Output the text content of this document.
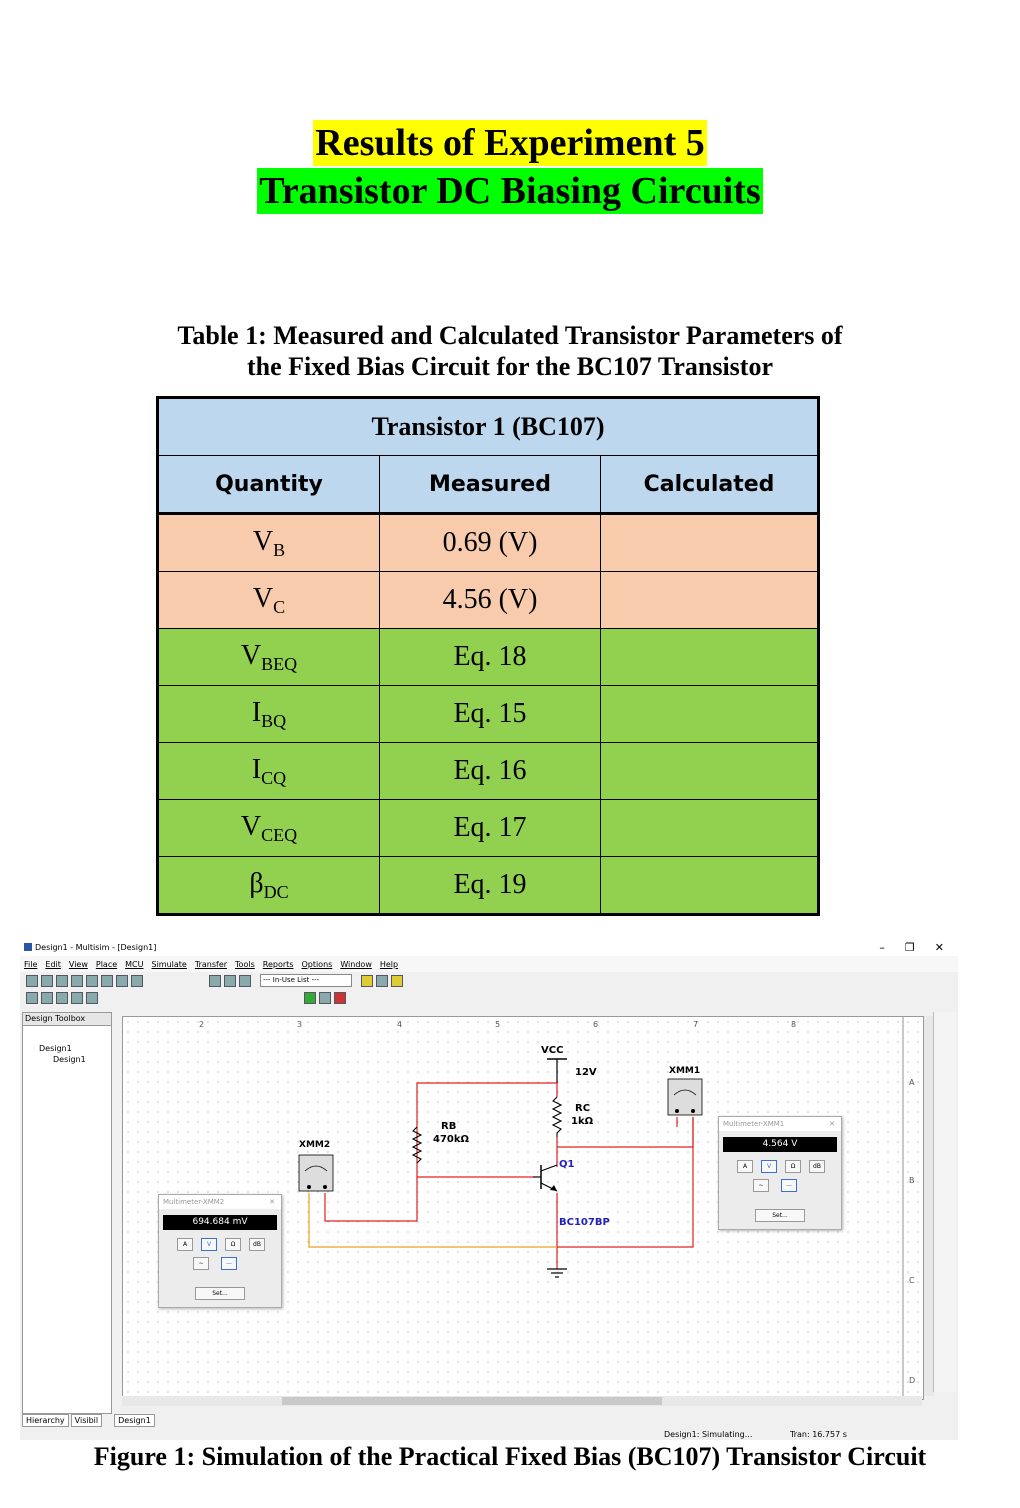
Results of Experiment 5
Transistor DC Biasing Circuits
Table 1: Measured and Calculated Transistor Parameters of
the Fixed Bias Circuit for the BC107 Transistor
Transistor 1 (BC107)		
Quantity	Measured	Calculated
$V_B$	0.69 (V)	
$V_C$	4.56 (V)	
$V_{BEQ}$	Eq. 18	
$I_{BQ}$	Eq. 15	
$I_{CQ}$	Eq. 16	
$V_{CEQ}$	Eq. 17	
$\beta_{DC}$	Eq. 19	
Design1 - Multisim - [Design1]	– ❐ ✕
File Edit View Place MCU Simulate Transfer Tools Reports Options Window Help
--- In-Use List ---
Design Toolbox
Design1
Design1
VCC
12V
RC
1kΩ
RB
470kΩ
Q1
BC107BP
XMM1
XMM2
2	3	4	5	6	7	8
A
B
C
D
Multimeter-XMM1	✕
4.564 V
A	V	Ω	dB
∼	—
Set...
Multimeter-XMM2	✕
694.684 mV
A	V	Ω	dB
∼	—
Set...
Hierarchy	Visibil	Design1
Design1: Simulating...	Tran: 16.757 s
Figure 1: Simulation of the Practical Fixed Bias (BC107) Transistor Circuit
